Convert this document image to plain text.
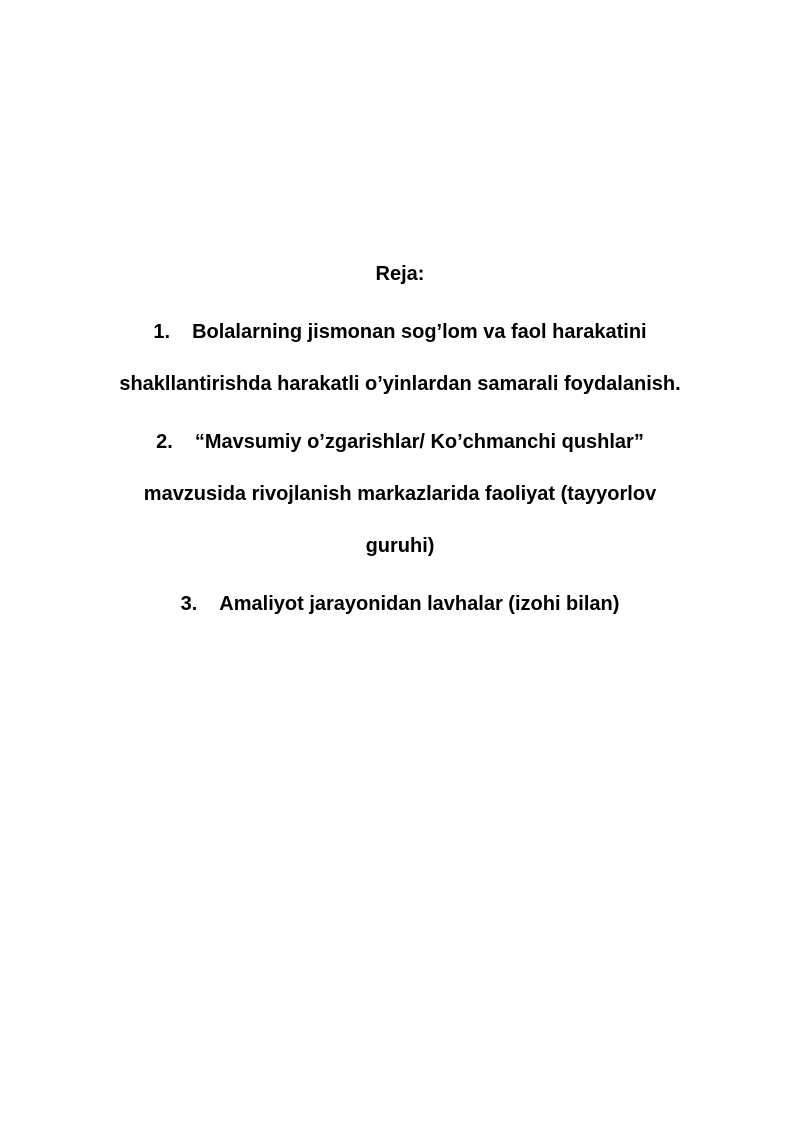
Reja:
1. Bolalarning jismonan sog’lom va faol harakatini
shakllantirishda harakatli o’yinlardan samarali foydalanish.
2. “Mavsumiy o’zgarishlar/ Ko’chmanchi qushlar”
mavzusida rivojlanish markazlarida faoliyat (tayyorlov
guruhi)
3. Amaliyot jarayonidan lavhalar (izohi bilan)
